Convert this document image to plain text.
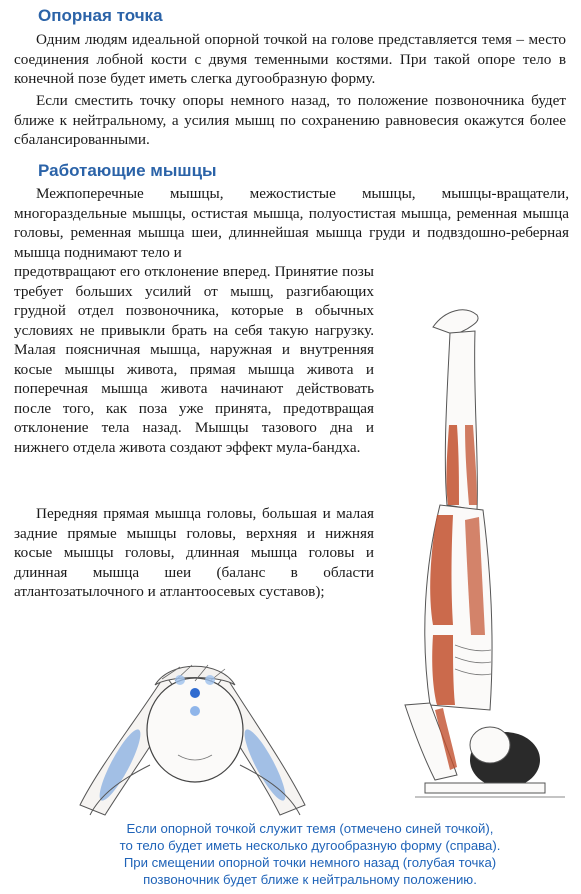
Опорная точка

Одним людям идеальной опорной точкой на голове представляется темя – место соединения лобной кости с двумя теменными костями. При такой опоре тело в конечной позе будет иметь слегка дугообразную форму.

Если сместить точку опоры немного назад, то положение позвоночника будет ближе к нейтральному, а усилия мышц по сохранению равновесия окажутся более сбалансированными.

Работающие мышцы

Межпоперечные мышцы, межостистые мышцы, мышцы-вращатели, многораздельные мышцы, остистая мышца, полуостистая мышца, ременная мышца головы, ременная мышца шеи, длиннейшая мышца груди и подвздошно-реберная мышца поднимают тело и

предотвращают его отклонение вперед. Принятие позы требует больших усилий от мышц, разгибающих грудной отдел позвоночника, которые в обычных условиях не привыкли брать на себя такую нагрузку. Малая поясничная мышца, наружная и внутренняя косые мышцы живота, прямая мышца живота и поперечная мышца живота начинают действовать после того, как поза уже принята, предотвращая отклонение тела назад. Мышцы тазового дна и нижнего отдела живота создают эффект мула-бандха.

Передняя прямая мышца головы, большая и малая задние прямые мышцы головы, верхняя и нижняя косые мышцы головы, длинная мышца головы и длинная мышца шеи (баланс в области атлантозатылочного и атлантоосевых суставов);

Если опорной точкой служит темя (отмечено синей точкой),
то тело будет иметь несколько дугообразную форму (справа).
При смещении опорной точки немного назад (голубая точка)
позвоночник будет ближе к нейтральному положению.
